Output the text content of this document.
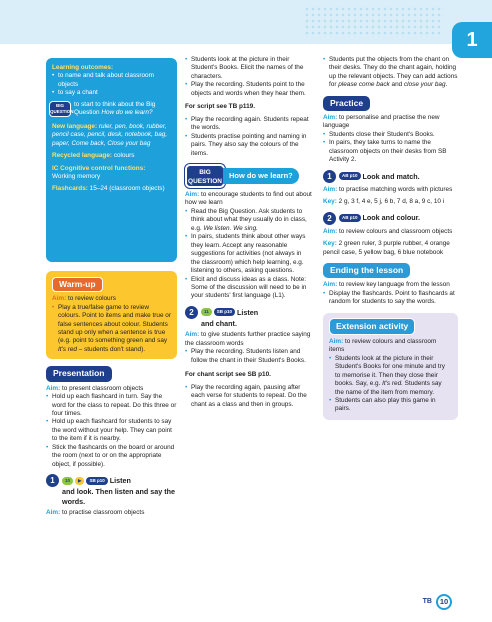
1
Learning outcomes:
• to name and talk about classroom objects
• to say a chant
BIG QUESTION
to start to think about the Big Question How do we learn?
New language: ruler, pen, book, rubber, pencil case, pencil, desk, notebook, bag, paper, Come back, Close your bag
Recycled language: colours
IC Cognitive control functions:
Working memory
Flashcards: 15–24 (classroom objects)
Warm-up
Aim: to review colours
• Play a true/false game to review colours. Point to items and make true or false sentences about colour. Students stand up only when a sentence is true (e.g. point to something green and say It's red – students don't stand).
Presentation
Aim: to present classroom objects
• Hold up each flashcard in turn. Say the word for the class to repeat. Do this three or four times.
• Hold up each flashcard for students to say the word without your help. They can point to the item if it is nearby.
• Stick the flashcards on the board or around the room (next to or on the appropriate object, if possible).
1	10	▶	SB p10 Listen
and look. Then listen and say the words.
Aim: to practise classroom objects
• Students look at the picture in their Student's Books. Elicit the names of the characters.
• Play the recording. Students point to the objects and words when they hear them.
For script see TB p119.
• Play the recording again. Students repeat the words.
• Students practise pointing and naming in pairs. They also say the colours of the items.
BIG QUESTION
How do we learn?
Aim: to encourage students to find out about how we learn
• Read the Big Question. Ask students to think about what they usually do in class, e.g. We listen. We sing.
• In pairs, students think about other ways they learn. Accept any reasonable suggestions for activities (not always in the classroom) which help learning, e.g. listening to others, asking questions.
• Elicit and discuss ideas as a class. Note: Some of the discussion will need to be in your students' first language (L1).
2	11	SB p10 Listen
and chant.
Aim: to give students further practice saying the classroom words
• Play the recording. Students listen and follow the chant in their Student's Books.
For chant script see SB p10.
• Play the recording again, pausing after each verse for students to repeat. Do the chant as a class and then in groups.
• Students put the objects from the chant on their desks. They do the chant again, holding up the relevant objects. They can add actions for please come back and close your bag.
Practice
Aim: to personalise and practise the new language
• Students close their Student's Books.
• In pairs, they take turns to name the classroom objects on their desks from SB Activity 2.
1	AB p10 Look and match.
Aim: to practise matching words with pictures
Key: 2 g, 3 f, 4 e, 5 j, 6 b, 7 d, 8 a, 9 c, 10 i
2	AB p10 Look and colour.
Aim: to review colours and classroom objects
Key: 2 green ruler, 3 purple rubber, 4 orange pencil case, 5 yellow bag, 6 blue notebook
Ending the lesson
Aim: to review key language from the lesson
• Display the flashcards. Point to flashcards at random for students to say the words.
Extension activity
Aim: to review colours and classroom items
• Students look at the picture in their Student's Books for one minute and try to memorise it. Then they close their books. Say, e.g. It's red. Students say the name of the item from memory.
• Students can also play this game in pairs.
TB	10
